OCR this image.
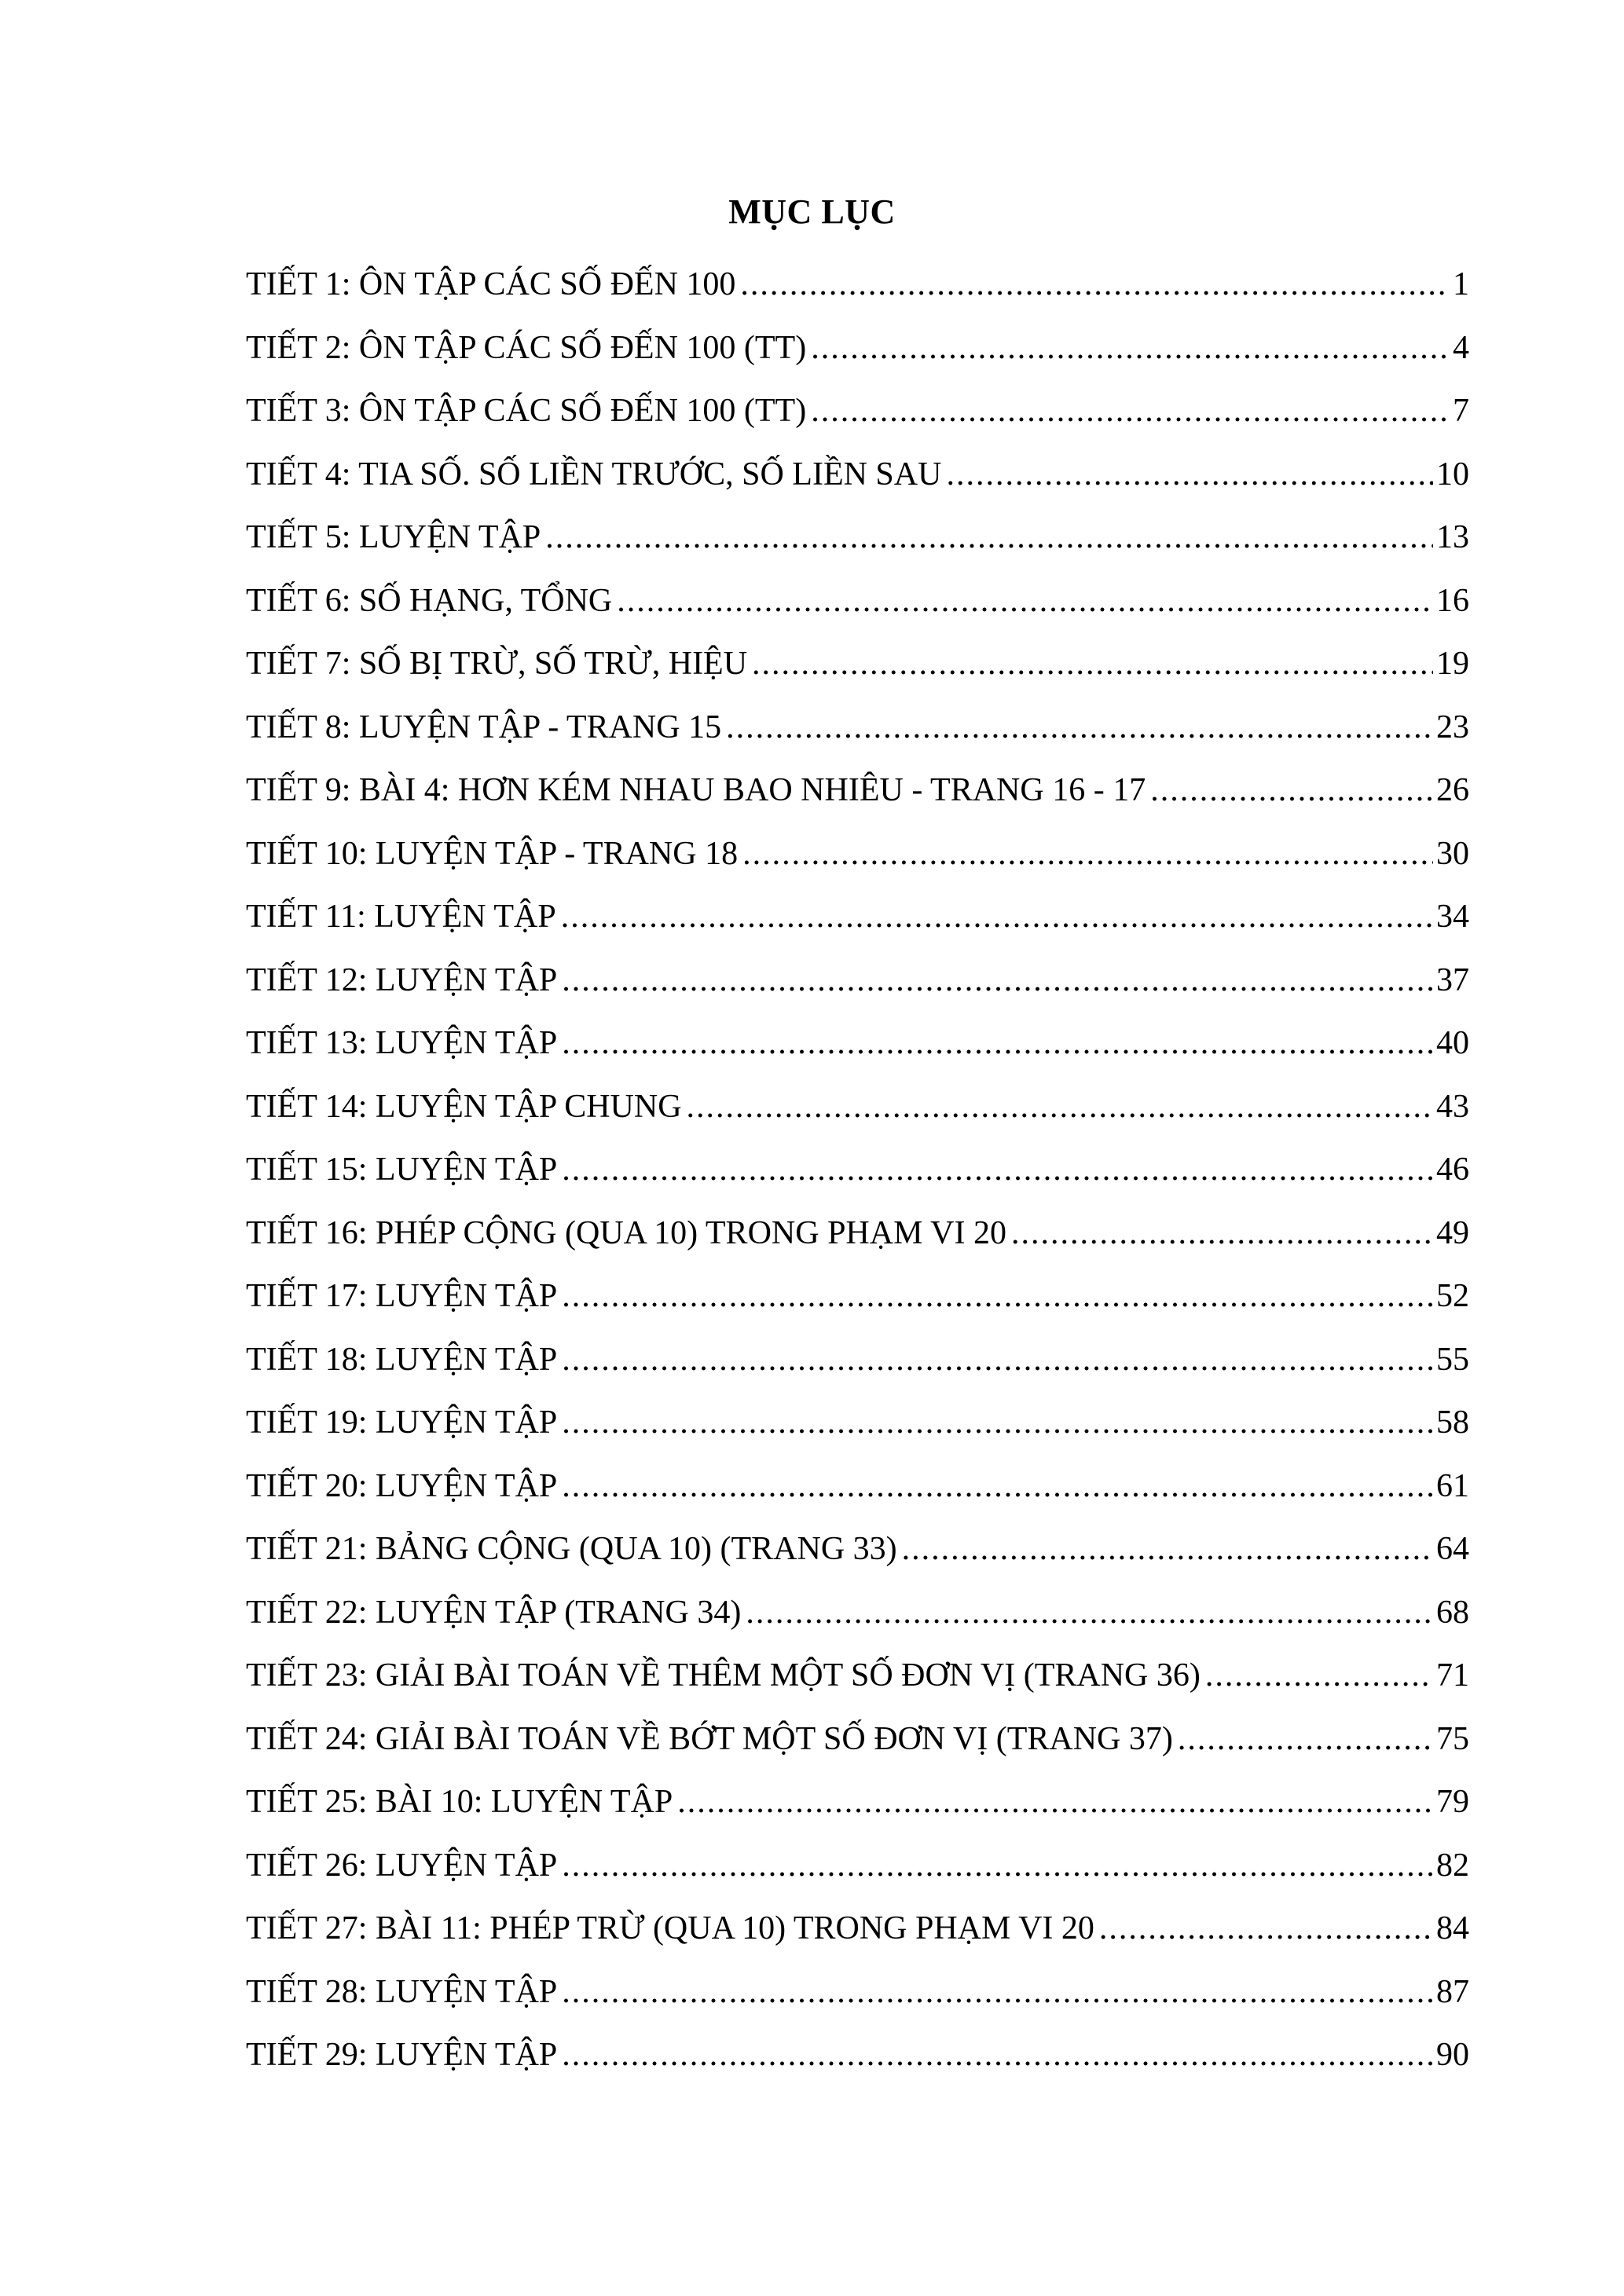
MỤC LỤC
TIẾT 1: ÔN TẬP CÁC SỐ ĐẾN 100 .....	1
TIẾT 2: ÔN TẬP CÁC SỐ ĐẾN 100 (TT) .....	4
TIẾT 3: ÔN TẬP CÁC SỐ ĐẾN 100 (TT) .....	7
TIẾT 4: TIA SỐ. SỐ LIỀN TRƯỚC, SỐ LIỀN SAU .....	10
TIẾT 5: LUYỆN TẬP .....	13
TIẾT 6: SỐ HẠNG, TỔNG .....	16
TIẾT 7: SỐ BỊ TRỪ, SỐ TRỪ, HIỆU .....	19
TIẾT 8: LUYỆN TẬP - TRANG 15 .....	23
TIẾT 9: BÀI 4: HƠN KÉM NHAU BAO NHIÊU - TRANG 16 - 17 .....	26
TIẾT 10: LUYỆN TẬP - TRANG 18 .....	30
TIẾT 11: LUYỆN TẬP .....	34
TIẾT 12: LUYỆN TẬP .....	37
TIẾT 13: LUYỆN TẬP .....	40
TIẾT 14: LUYỆN TẬP CHUNG .....	43
TIẾT 15: LUYỆN TẬP .....	46
TIẾT 16: PHÉP CỘNG (QUA 10) TRONG PHẠM VI 20 .....	49
TIẾT 17: LUYỆN TẬP .....	52
TIẾT 18: LUYỆN TẬP .....	55
TIẾT 19: LUYỆN TẬP .....	58
TIẾT 20: LUYỆN TẬP .....	61
TIẾT 21: BẢNG CỘNG (QUA 10) (TRANG 33) .....	64
TIẾT 22: LUYỆN TẬP (TRANG 34) .....	68
TIẾT 23: GIẢI BÀI TOÁN VỀ THÊM MỘT SỐ ĐƠN VỊ (TRANG 36) .....	71
TIẾT 24: GIẢI BÀI TOÁN VỀ BỚT MỘT SỐ ĐƠN VỊ (TRANG 37) .....	75
TIẾT 25: BÀI 10: LUYỆN TẬP .....	79
TIẾT 26: LUYỆN TẬP .....	82
TIẾT 27: BÀI 11: PHÉP TRỪ (QUA 10) TRONG PHẠM VI 20 .....	84
TIẾT 28: LUYỆN TẬP .....	87
TIẾT 29: LUYỆN TẬP .....	90
